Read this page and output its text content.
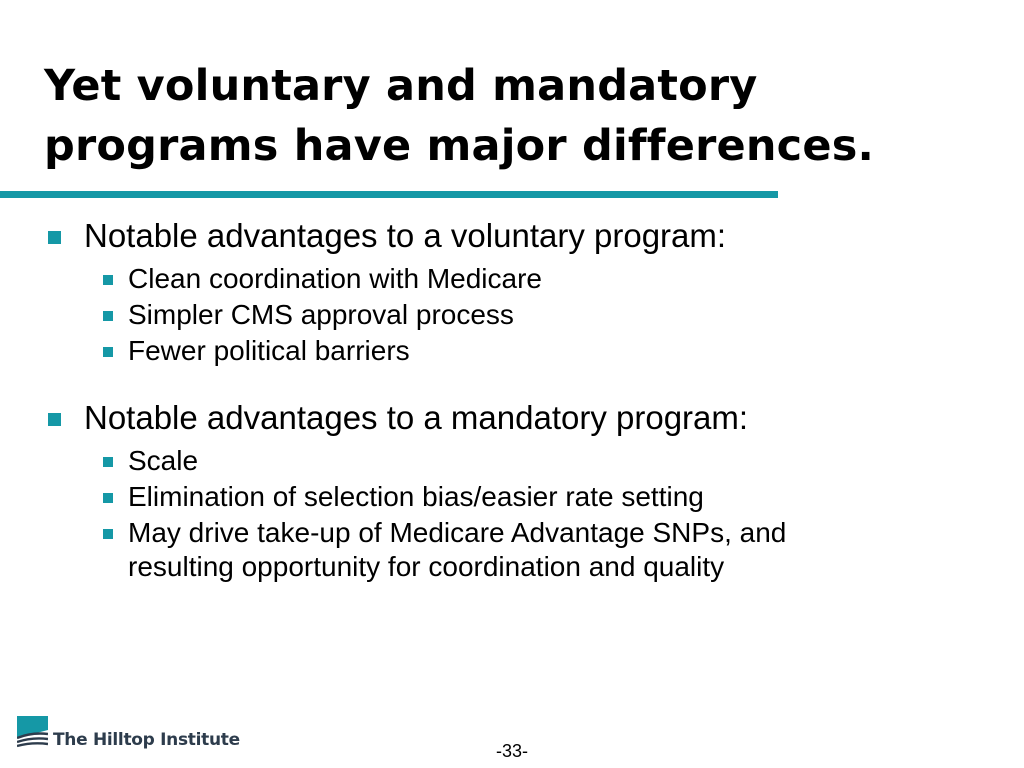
Yet voluntary and mandatory programs have major differences.
Notable advantages to a voluntary program:
Clean coordination with Medicare
Simpler CMS approval process
Fewer political barriers
Notable advantages to a mandatory program:
Scale
Elimination of selection bias/easier rate setting
May drive take-up of Medicare Advantage SNPs, and resulting opportunity for coordination and quality
The Hilltop Institute
-33-
